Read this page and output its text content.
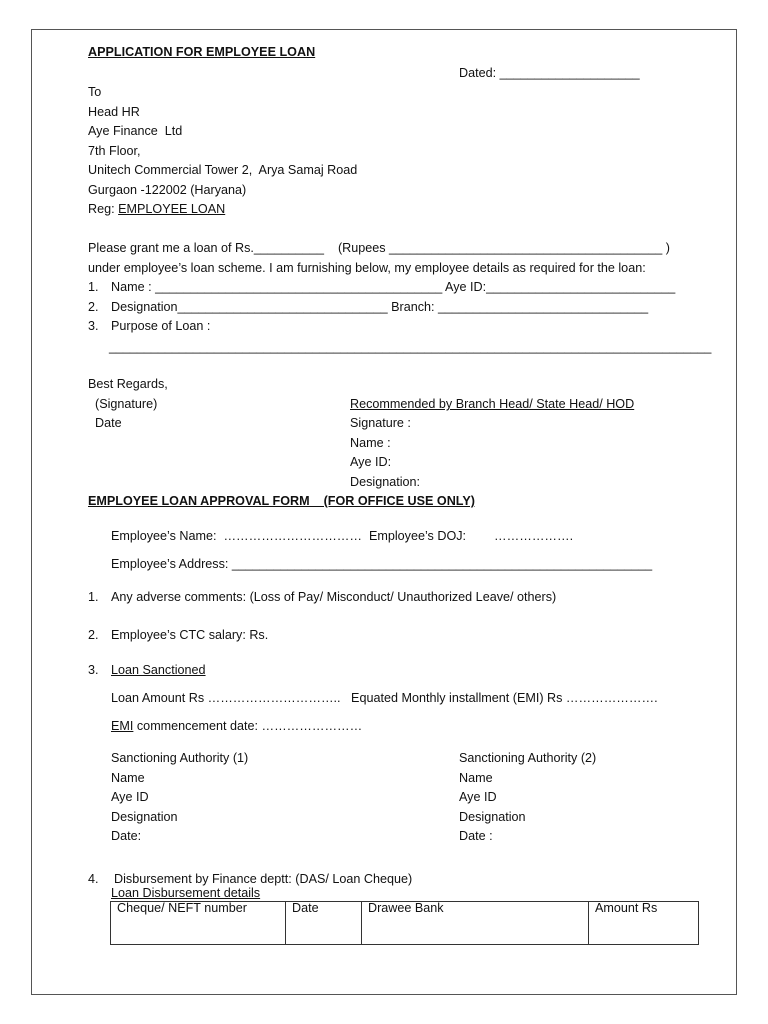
APPLICATION FOR EMPLOYEE LOAN
Dated: ____________________
To
Head HR
Aye Finance  Ltd
7th Floor,
Unitech Commercial Tower 2,  Arya Samaj Road
Gurgaon -122002 (Haryana)
Reg: EMPLOYEE LOAN
Please grant me a loan of Rs.__________    (Rupees _______________________________________ )
under employee’s loan scheme. I am furnishing below, my employee details as required for the loan:
1. Name : _________________________________________ Aye ID:___________________________
2. Designation______________________________ Branch: ______________________________
3. Purpose of Loan :
______________________________________________________________________________________
Best Regards,
(Signature)
Date
Recommended by Branch Head/ State Head/ HOD
Signature :
Name :
Aye ID:
Designation:
EMPLOYEE LOAN APPROVAL FORM    (FOR OFFICE USE ONLY)
Employee’s Name:  ……………………………  Employee’s DOJ:        ……………….
Employee’s Address: ____________________________________________________________
1. Any adverse comments: (Loss of Pay/ Misconduct/ Unauthorized Leave/ others)
2. Employee’s CTC salary: Rs.
3. Loan Sanctioned
Loan Amount Rs …………………………..   Equated Monthly installment (EMI) Rs ………………….
EMI commencement date: ……………………
Sanctioning Authority (1)
Name
Aye ID
Designation
Date:
Sanctioning Authority (2)
Name
Aye ID
Designation
Date :
4. Disbursement by Finance deptt: (DAS/ Loan Cheque)
Loan Disbursement details
Cheque/ NEFT number	Date	Drawee Bank	Amount Rs
